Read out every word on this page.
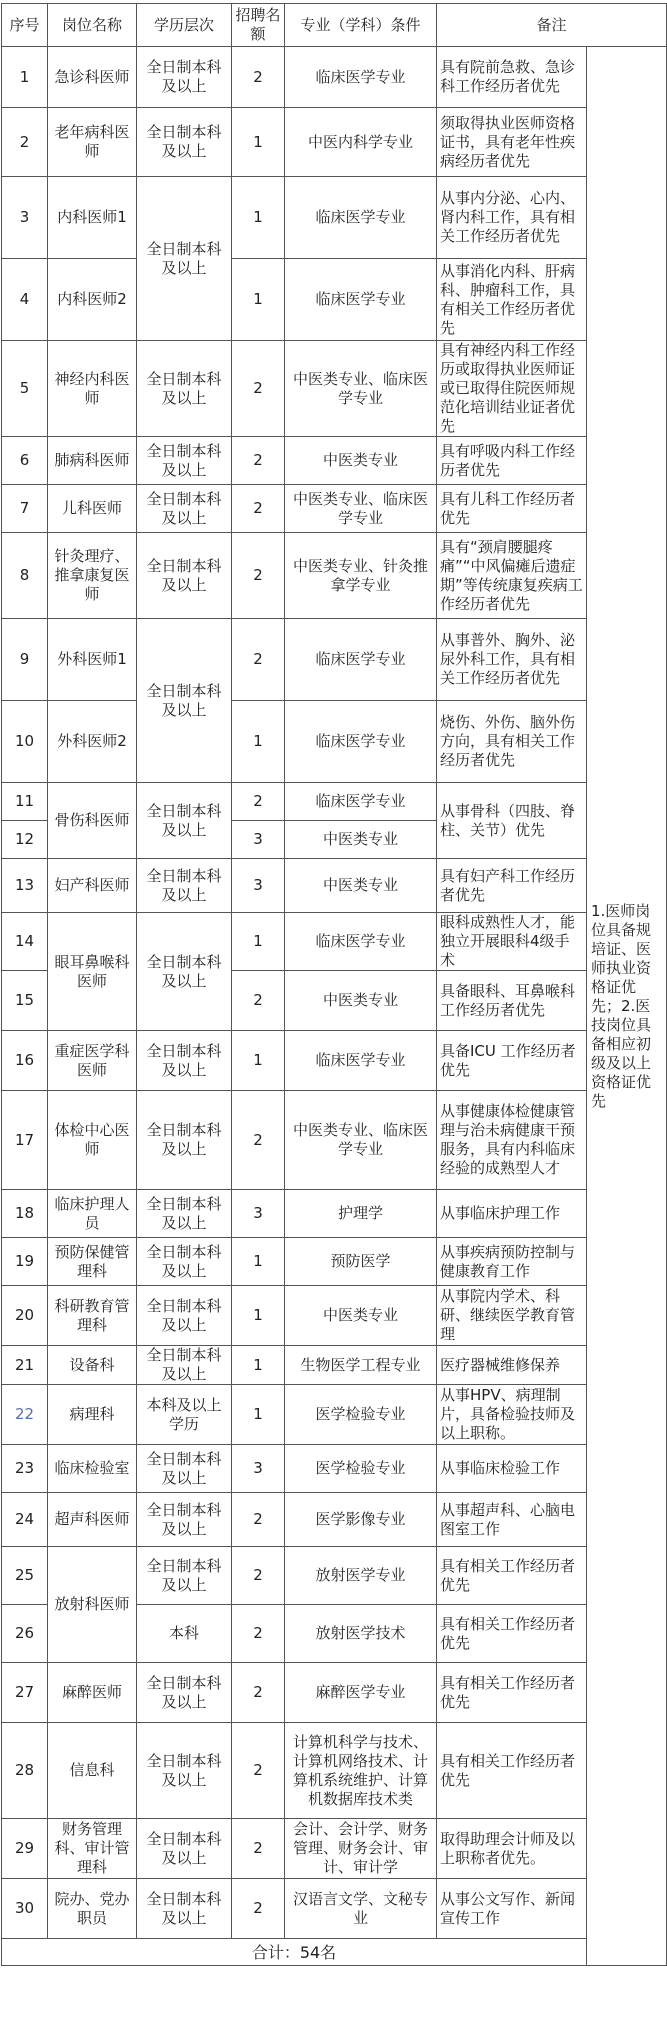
序号	岗位名称	学历层次	招聘名额	专业（学科）条件	备注	
1	急诊科医师	全日制本科及以上	2	临床医学专业	具有院前急救、急诊科工作经历者优先	1.医师岗位具备规培证、医师执业资格证优先；2.医技岗位具备相应初级及以上资格证优先
2	老年病科医师	全日制本科及以上	1	中医内科学专业	须取得执业医师资格证书，具有老年性疾病经历者优先	
3	内科医师1	全日制本科及以上	1	临床医学专业	从事内分泌、心内、肾内科工作，具有相关工作经历者优先	
4	内科医师2		1	临床医学专业	从事消化内科、肝病科、肿瘤科工作，具有相关工作经历者优先	
5	神经内科医师	全日制本科及以上	2	中医类专业、临床医学专业	具有神经内科工作经历或取得执业医师证或已取得住院医师规范化培训结业证者优先	
6	肺病科医师	全日制本科及以上	2	中医类专业	具有呼吸内科工作经历者优先	
7	儿科医师	全日制本科及以上	2	中医类专业、临床医学专业	具有儿科工作经历者优先	
8	针灸理疗、推拿康复医师	全日制本科及以上	2	中医类专业、针灸推拿学专业	具有“颈肩腰腿疼痛”“中风偏瘫后遗症期”等传统康复疾病工作经历者优先	
9	外科医师1	全日制本科及以上	2	临床医学专业	从事普外、胸外、泌尿外科工作，具有相关工作经历者优先	
10	外科医师2		1	临床医学专业	烧伤、外伤、脑外伤方向，具有相关工作经历者优先	
11	骨伤科医师	全日制本科及以上	2	临床医学专业	从事骨科（四肢、脊柱、关节）优先	
12			3	中医类专业		
13	妇产科医师	全日制本科及以上	3	中医类专业	具有妇产科工作经历者优先	
14	眼耳鼻喉科医师	全日制本科及以上	1	临床医学专业	眼科成熟性人才，能独立开展眼科4级手术	
15			2	中医类专业	具备眼科、耳鼻喉科工作经历者优先	
16	重症医学科医师	全日制本科及以上	1	临床医学专业	具备ICU 工作经历者优先	
17	体检中心医师	全日制本科及以上	2	中医类专业、临床医学专业	从事健康体检健康管理与治未病健康干预服务，具有内科临床经验的成熟型人才	
18	临床护理人员	全日制本科及以上	3	护理学	从事临床护理工作	
19	预防保健管理科	全日制本科及以上	1	预防医学	从事疾病预防控制与健康教育工作	
20	科研教育管理科	全日制本科及以上	1	中医类专业	从事院内学术、科研、继续医学教育管理	
21	设备科	全日制本科及以上	1	生物医学工程专业	医疗器械维修保养	
22	病理科	本科及以上学历	1	医学检验专业	从事HPV、病理制片，具备检验技师及以上职称。	
23	临床检验室	全日制本科及以上	3	医学检验专业	从事临床检验工作	
24	超声科医师	全日制本科及以上	2	医学影像专业	从事超声科、心脑电图室工作	
25	放射科医师	全日制本科及以上	2	放射医学专业	具有相关工作经历者优先	
26		本科	2	放射医学技术	具有相关工作经历者优先	
27	麻醉医师	全日制本科及以上	2	麻醉医学专业	具有相关工作经历者优先	
28	信息科	全日制本科及以上	2	计算机科学与技术、计算机网络技术、计算机系统维护、计算机数据库技术类	具有相关工作经历者优先	
29	财务管理科、审计管理科	全日制本科及以上	2	会计、会计学、财务管理、财务会计、审计、审计学	取得助理会计师及以上职称者优先。	
30	院办、党办职员	全日制本科及以上	2	汉语言文学、文秘专业	从事公文写作、新闻宣传工作	
合计：54名						
